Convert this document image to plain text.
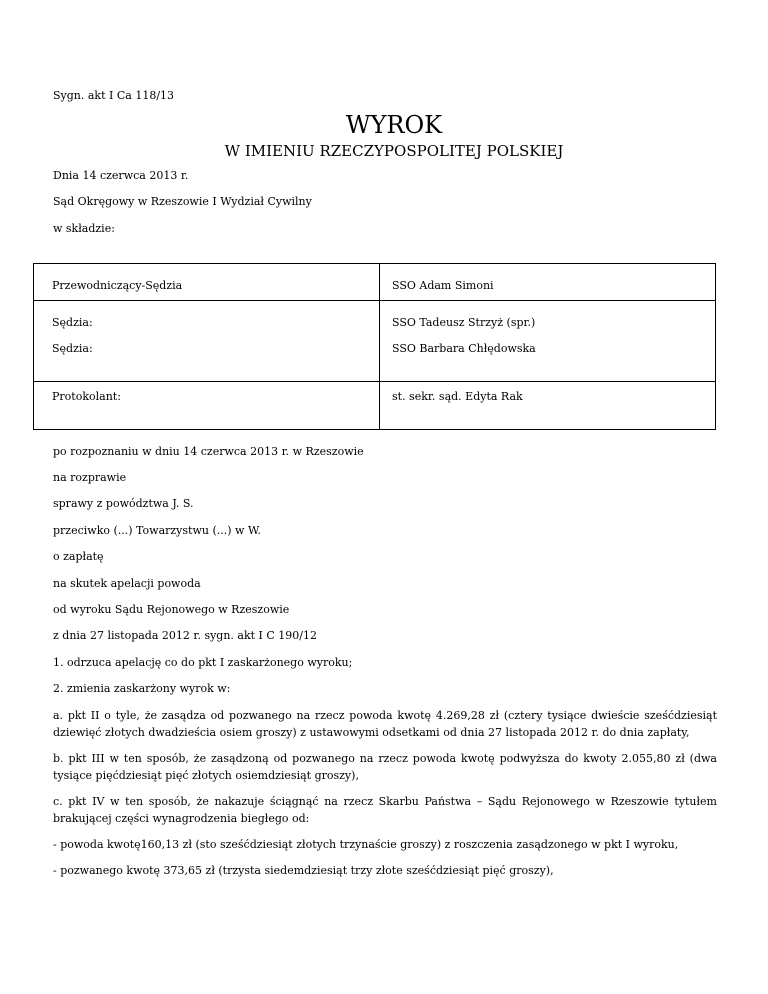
Sygn. akt I Ca 118/13
WYROK
W IMIENIU RZECZYPOSPOLITEJ POLSKIEJ
Dnia 14 czerwca 2013 r.
Sąd Okręgowy w Rzeszowie I Wydział Cywilny
w składzie:
Przewodniczący-Sędzia	SSO Adam Simoni
Sędzia:	SSO Tadeusz Strzyż (spr.)
Sędzia:	SSO Barbara Chłędowska
Protokolant:	st. sekr. sąd. Edyta Rak
po rozpoznaniu w dniu 14 czerwca 2013 r. w Rzeszowie
na rozprawie
sprawy z powództwa J. S.
przeciwko (...) Towarzystwu (...) w W.
o zapłatę
na skutek apelacji powoda
od wyroku Sądu Rejonowego w Rzeszowie
z dnia 27 listopada 2012 r. sygn. akt I C 190/12
1. odrzuca apelację co do pkt I zaskarżonego wyroku;
2. zmienia zaskarżony wyrok w:
a. pkt II o tyle, że zasądza od pozwanego na rzecz powoda kwotę 4.269,28 zł (cztery tysiące dwieście sześćdziesiąt dziewięć złotych dwadzieścia osiem groszy) z ustawowymi odsetkami od dnia 27 listopada 2012 r. do dnia zapłaty,
b. pkt III w ten sposób, że zasądzoną od pozwanego na rzecz powoda kwotę podwyższa do kwoty 2.055,80 zł (dwa tysiące pięćdziesiąt pięć złotych osiemdziesiąt groszy),
c. pkt IV w ten sposób, że nakazuje ściągnąć na rzecz Skarbu Państwa – Sądu Rejonowego w Rzeszowie tytułem brakującej części wynagrodzenia biegłego od:
- powoda kwotę160,13 zł (sto sześćdziesiąt złotych trzynaście groszy) z roszczenia zasądzonego w pkt I wyroku,
- pozwanego kwotę 373,65 zł (trzysta siedemdziesiąt trzy złote sześćdziesiąt pięć groszy),
